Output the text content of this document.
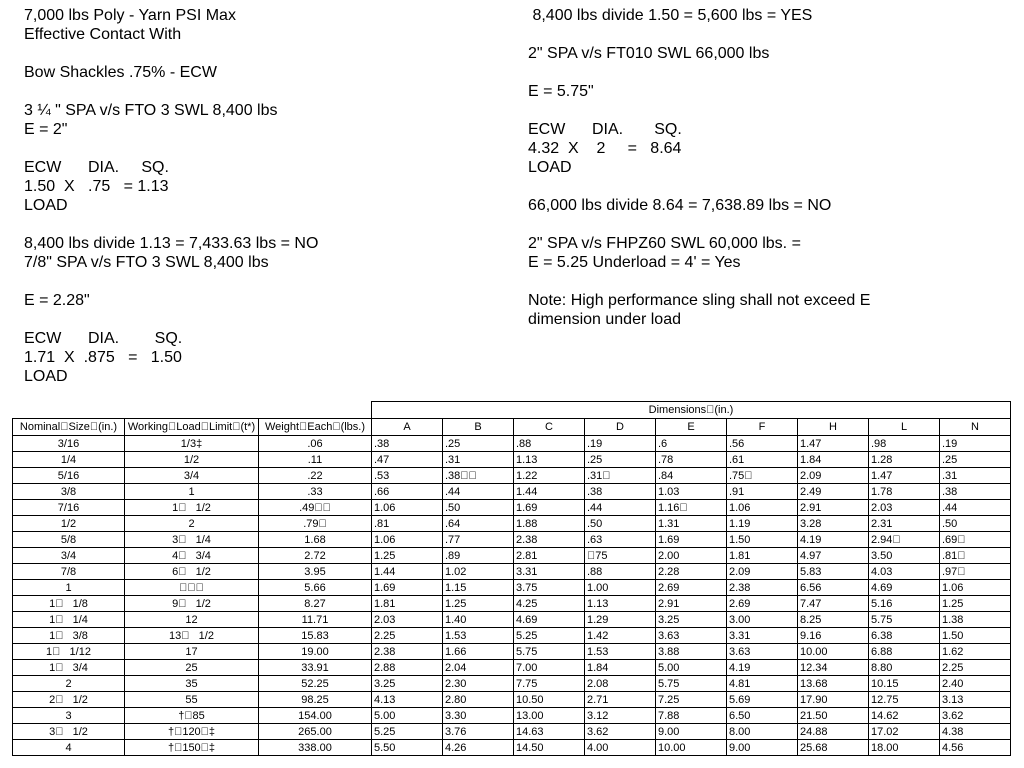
7,000 lbs Poly - Yarn PSI Max
Effective Contact With
Bow Shackles .75% - ECW
3 ¼ " SPA v/s FTO 3 SWL 8,400 lbs
E = 2"
ECW      DIA.     SQ.
1.50  X   .75   = 1.13
LOAD
8,400 lbs divide 1.13 = 7,433.63 lbs = NO
7/8" SPA v/s FTO 3 SWL 8,400 lbs
E = 2.28"
ECW      DIA.        SQ.
1.71  X  .875   =   1.50
LOAD
8,400 lbs divide 1.50 = 5,600 lbs = YES
2" SPA v/s FT010 SWL 66,000 lbs
E = 5.75"
ECW      DIA.       SQ.
4.32  X    2     =   8.64
LOAD
66,000 lbs divide 8.64 = 7,638.89 lbs = NO
2" SPA v/s FHPZ60 SWL 60,000 lbs. =
E = 5.25 Underload = 4' = Yes
Note: High performance sling shall not exceed E
dimension under load
			Dimensions (in.)								
Nominal Size (in.)	Working Load Limit (t*)	Weight Each (lbs.)	A	B	C	D	E	F	H	L	N
3/16	1/3‡	.06	.38	.25	.88	.19	.6	.56	1.47	.98	.19
1/4	1/2	.11	.47	.31	1.13	.25	.78	.61	1.84	1.28	.25
5/16	3/4	.22	.53	.38  	1.22	.31 	.84	.75 	2.09	1.47	.31
3/8	1	.33	.66	.44	1.44	.38	1.03	.91	2.49	1.78	.38
7/16	1    1/2	.49  	1.06	.50	1.69	.44	1.16 	1.06	2.91	2.03	.44
1/2	2	.79 	.81	.64	1.88	.50	1.31	1.19	3.28	2.31	.50
5/8	3    1/4	1.68	1.06	.77	2.38	.63	1.69	1.50	4.19	2.94 	.69 
3/4	4    3/4	2.72	1.25	.89	2.81	 75	2.00	1.81	4.97	3.50	.81 
7/8	6    1/2	3.95	1.44	1.02	3.31	.88	2.28	2.09	5.83	4.03	.97 
1	   	5.66	1.69	1.15	3.75	1.00	2.69	2.38	6.56	4.69	1.06
1    1/8	9    1/2	8.27	1.81	1.25	4.25	1.13	2.91	2.69	7.47	5.16	1.25
1    1/4	12	11.71	2.03	1.40	4.69	1.29	3.25	3.00	8.25	5.75	1.38
1    3/8	13    1/2	15.83	2.25	1.53	5.25	1.42	3.63	3.31	9.16	6.38	1.50
1    1/12	17	19.00	2.38	1.66	5.75	1.53	3.88	3.63	10.00	6.88	1.62
1    3/4	25	33.91	2.88	2.04	7.00	1.84	5.00	4.19	12.34	8.80	2.25
2	35	52.25	3.25	2.30	7.75	2.08	5.75	4.81	13.68	10.15	2.40
2    1/2	55	98.25	4.13	2.80	10.50	2.71	7.25	5.69	17.90	12.75	3.13
3	† 85	154.00	5.00	3.30	13.00	3.12	7.88	6.50	21.50	14.62	3.62
3    1/2	† 120 ‡	265.00	5.25	3.76	14.63	3.62	9.00	8.00	24.88	17.02	4.38
4	† 150 ‡	338.00	5.50	4.26	14.50	4.00	10.00	9.00	25.68	18.00	4.56
